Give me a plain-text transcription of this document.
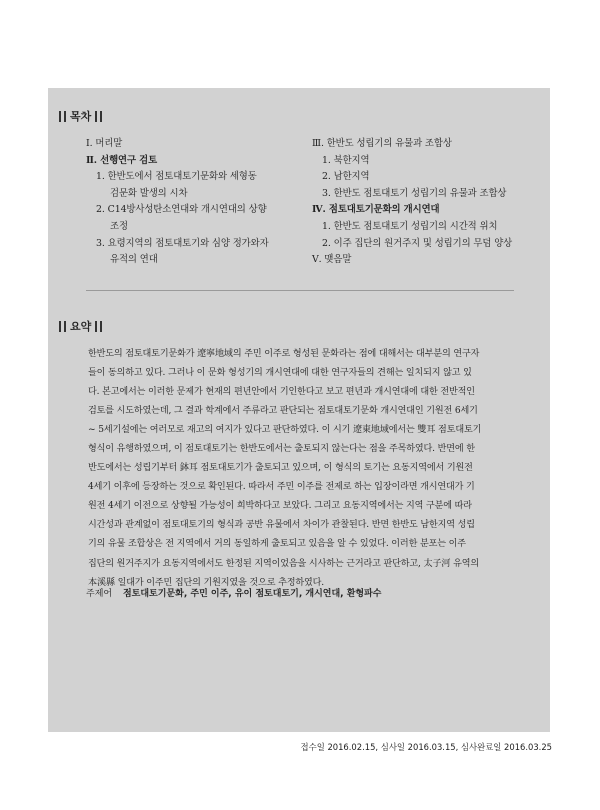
목차
Ⅰ. 머리말
Ⅱ. 선행연구 검토
1. 한반도에서 점토대토기문화와 세형동
검문화 발생의 시차
2. C14방사성탄소연대와 개시연대의 상향
조정
3. 요령지역의 점토대토기와 심양 정가와자
유적의 연대
Ⅲ. 한반도 성립기의 유물과 조합상
1. 북한지역
2. 남한지역
3. 한반도 점토대토기 성립기의 유물과 조합상
Ⅳ. 점토대토기문화의 개시연대
1. 한반도 점토대토기 성립기의 시간적 위치
2. 이주 집단의 원거주지 및 성립기의 무덤 양상
Ⅴ. 맺음말
요약
한반도의 점토대토기문화가 遼寧地域의 주민 이주로 형성된 문화라는 점에 대해서는 대부분의 연구자
들이 동의하고 있다. 그러나 이 문화 형성기의 개시연대에 대한 연구자들의 견해는 일치되지 않고 있
다. 본고에서는 이러한 문제가 현재의 편년안에서 기인한다고 보고 편년과 개시연대에 대한 전반적인
검토를 시도하였는데, 그 결과 학계에서 주류라고 판단되는 점토대토기문화 개시연대인 기원전 6세기
~ 5세기설에는 여러모로 재고의 여지가 있다고 판단하였다. 이 시기 遼東地域에서는 雙耳 점토대토기
형식이 유행하였으며, 이 점토대토기는 한반도에서는 출토되지 않는다는 점을 주목하였다. 반면에 한
반도에서는 성립기부터 鉢耳 점토대토기가 출토되고 있으며, 이 형식의 토기는 요동지역에서 기원전
4세기 이후에 등장하는 것으로 확인된다. 따라서 주민 이주를 전제로 하는 입장이라면 개시연대가 기
원전 4세기 이전으로 상향될 가능성이 희박하다고 보았다. 그리고 요동지역에서는 지역 구분에 따라
시간성과 관계없이 점토대토기의 형식과 공반 유물에서 차이가 관찰된다. 반면 한반도 남한지역 성립
기의 유물 조합상은 전 지역에서 거의 동일하게 출토되고 있음을 알 수 있었다. 이러한 분포는 이주
집단의 원거주지가 요동지역에서도 한정된 지역이었음을 시사하는 근거라고 판단하고, 太子河 유역의
本溪縣 일대가 이주민 집단의 기원지였을 것으로 추정하였다.
주제어 점토대토기문화, 주민 이주, 유이 점토대토기, 개시연대, 환형파수
접수일 2016.02.15, 심사일 2016.03.15, 심사완료일 2016.03.25
